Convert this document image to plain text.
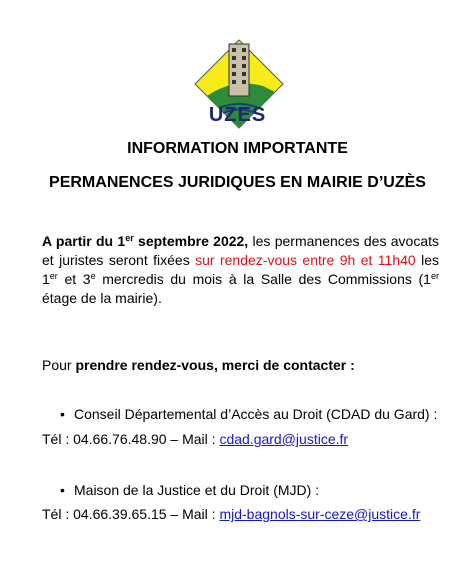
UZES
INFORMATION IMPORTANTE
PERMANENCES JURIDIQUES EN MAIRIE D’UZÈS
A partir du 1er septembre 2022, les permanences des avocats et juristes seront fixées sur rendez-vous entre 9h et 11h40 les 1er et 3e mercredis du mois à la Salle des Commissions (1er étage de la mairie).
Pour prendre rendez-vous, merci de contacter :
• Conseil Départemental d’Accès au Droit (CDAD du Gard) :
Tél : 04.66.76.48.90 – Mail : cdad.gard@justice.fr
• Maison de la Justice et du Droit (MJD) :
Tél : 04.66.39.65.15 – Mail : mjd-bagnols-sur-ceze@justice.fr
